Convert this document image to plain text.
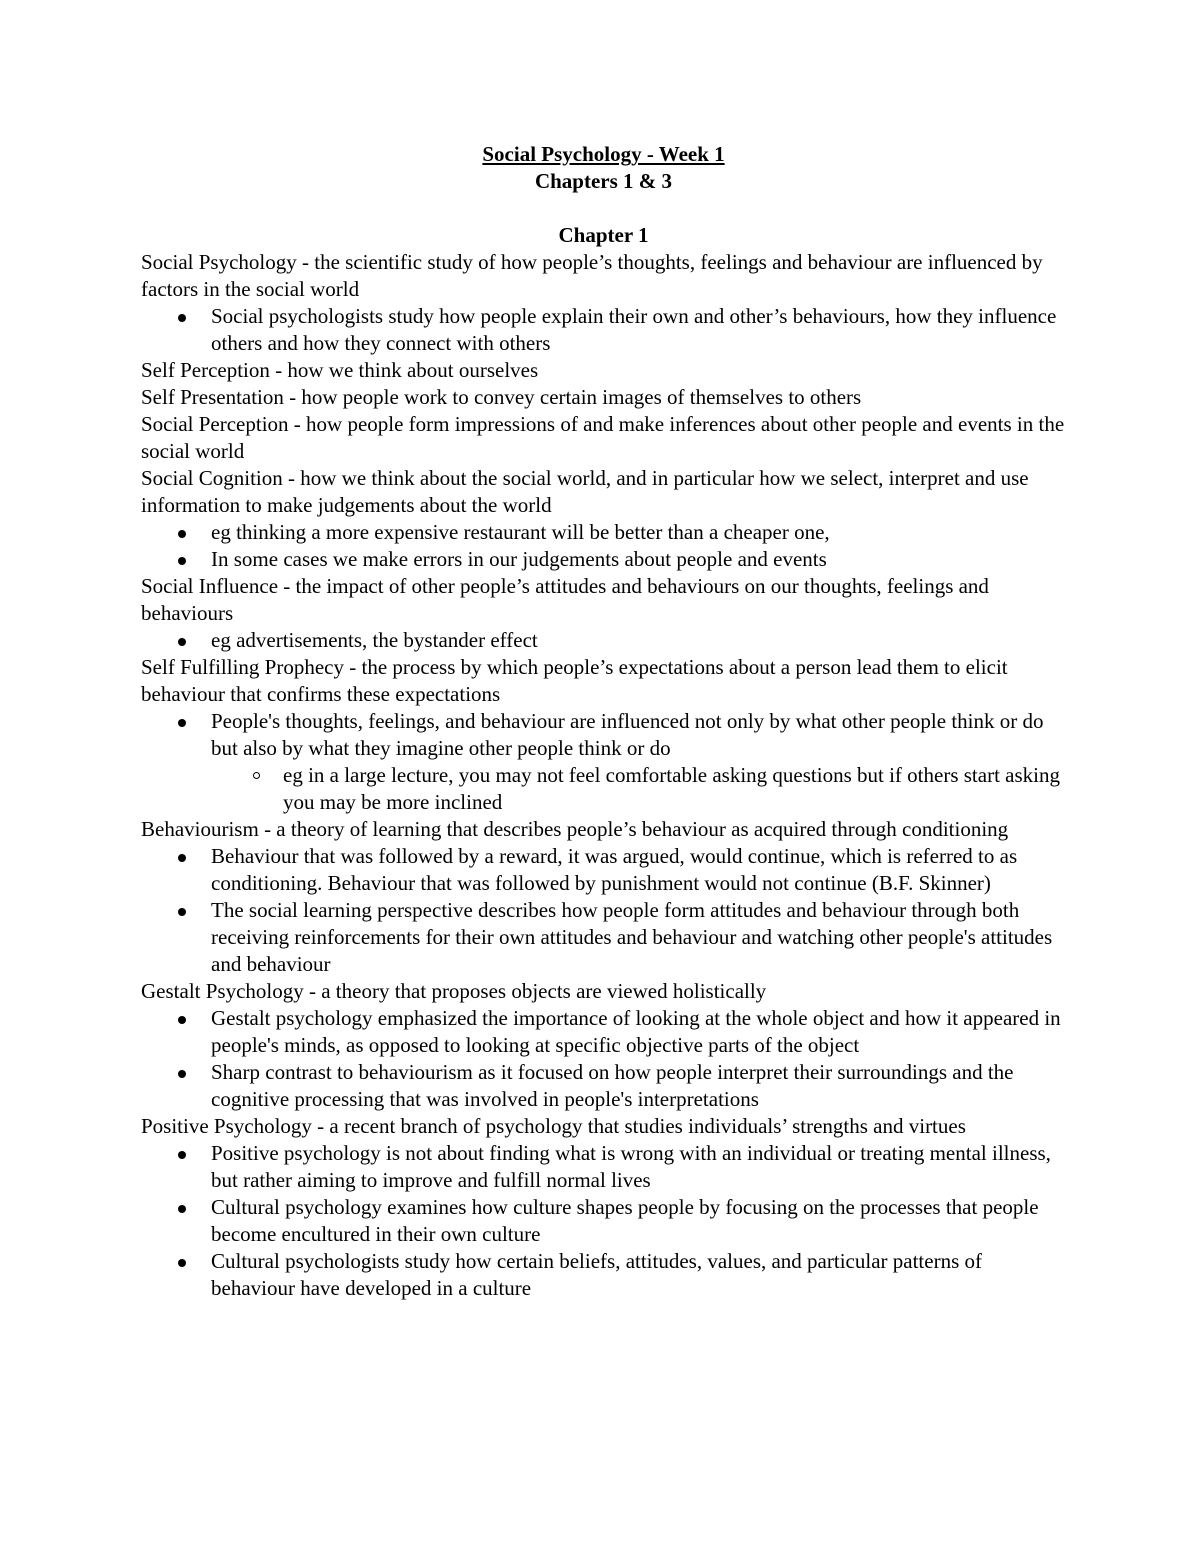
Social Psychology - Week 1

Chapters 1 & 3

Chapter 1

Social Psychology - the scientific study of how people’s thoughts, feelings and behaviour are influenced by factors in the social world

Social psychologists study how people explain their own and other’s behaviours, how they influence others and how they connect with others

Self Perception - how we think about ourselves

Self Presentation - how people work to convey certain images of themselves to others

Social Perception - how people form impressions of and make inferences about other people and events in the social world

Social Cognition - how we think about the social world, and in particular how we select, interpret and use information to make judgements about the world

eg thinking a more expensive restaurant will be better than a cheaper one,
In some cases we make errors in our judgements about people and events

Social Influence - the impact of other people’s attitudes and behaviours on our thoughts, feelings and behaviours

eg advertisements, the bystander effect

Self Fulfilling Prophecy - the process by which people’s expectations about a person lead them to elicit behaviour that confirms these expectations

People's thoughts, feelings, and behaviour are influenced not only by what other people think or do but also by what they imagine other people think or do
eg in a large lecture, you may not feel comfortable asking questions but if others start asking you may be more inclined

Behaviourism - a theory of learning that describes people’s behaviour as acquired through conditioning

Behaviour that was followed by a reward, it was argued, would continue, which is referred to as conditioning. Behaviour that was followed by punishment would not continue (B.F. Skinner)
The social learning perspective describes how people form attitudes and behaviour through both receiving reinforcements for their own attitudes and behaviour and watching other people's attitudes and behaviour

Gestalt Psychology - a theory that proposes objects are viewed holistically

Gestalt psychology emphasized the importance of looking at the whole object and how it appeared in people's minds, as opposed to looking at specific objective parts of the object
Sharp contrast to behaviourism as it focused on how people interpret their surroundings and the cognitive processing that was involved in people's interpretations

Positive Psychology - a recent branch of psychology that studies individuals’ strengths and virtues

Positive psychology is not about finding what is wrong with an individual or treating mental illness, but rather aiming to improve and fulfill normal lives
Cultural psychology examines how culture shapes people by focusing on the processes that people become encultured in their own culture
Cultural psychologists study how certain beliefs, attitudes, values, and particular patterns of behaviour have developed in a culture
